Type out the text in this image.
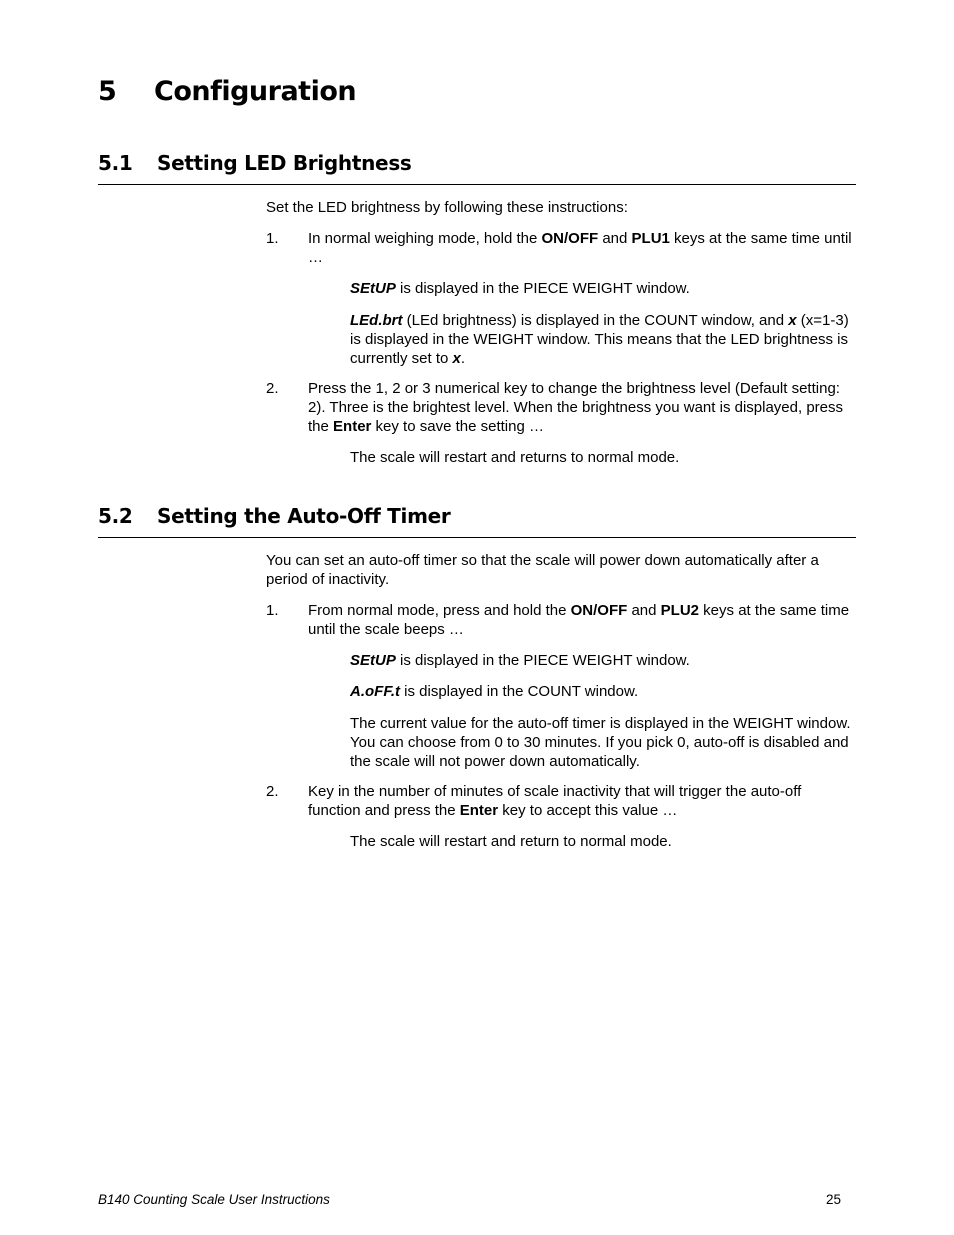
5 Configuration
5.1 Setting LED Brightness
Set the LED brightness by following these instructions:
1. In normal weighing mode, hold the ON/OFF and PLU1 keys at the same time until …
SEtUP is displayed in the PIECE WEIGHT window.
LEd.brt (LEd brightness) is displayed in the COUNT window, and x (x=1-3) is displayed in the WEIGHT window. This means that the LED brightness is currently set to x.
2. Press the 1, 2 or 3 numerical key to change the brightness level (Default setting: 2). Three is the brightest level. When the brightness you want is displayed, press the Enter key to save the setting …
The scale will restart and returns to normal mode.
5.2 Setting the Auto-Off Timer
You can set an auto-off timer so that the scale will power down automatically after a period of inactivity.
1. From normal mode, press and hold the ON/OFF and PLU2 keys at the same time until the scale beeps …
SEtUP is displayed in the PIECE WEIGHT window.
A.oFF.t is displayed in the COUNT window.
The current value for the auto-off timer is displayed in the WEIGHT window. You can choose from 0 to 30 minutes. If you pick 0, auto-off is disabled and the scale will not power down automatically.
2. Key in the number of minutes of scale inactivity that will trigger the auto-off function and press the Enter key to accept this value …
The scale will restart and return to normal mode.
B140 Counting Scale User Instructions	25
